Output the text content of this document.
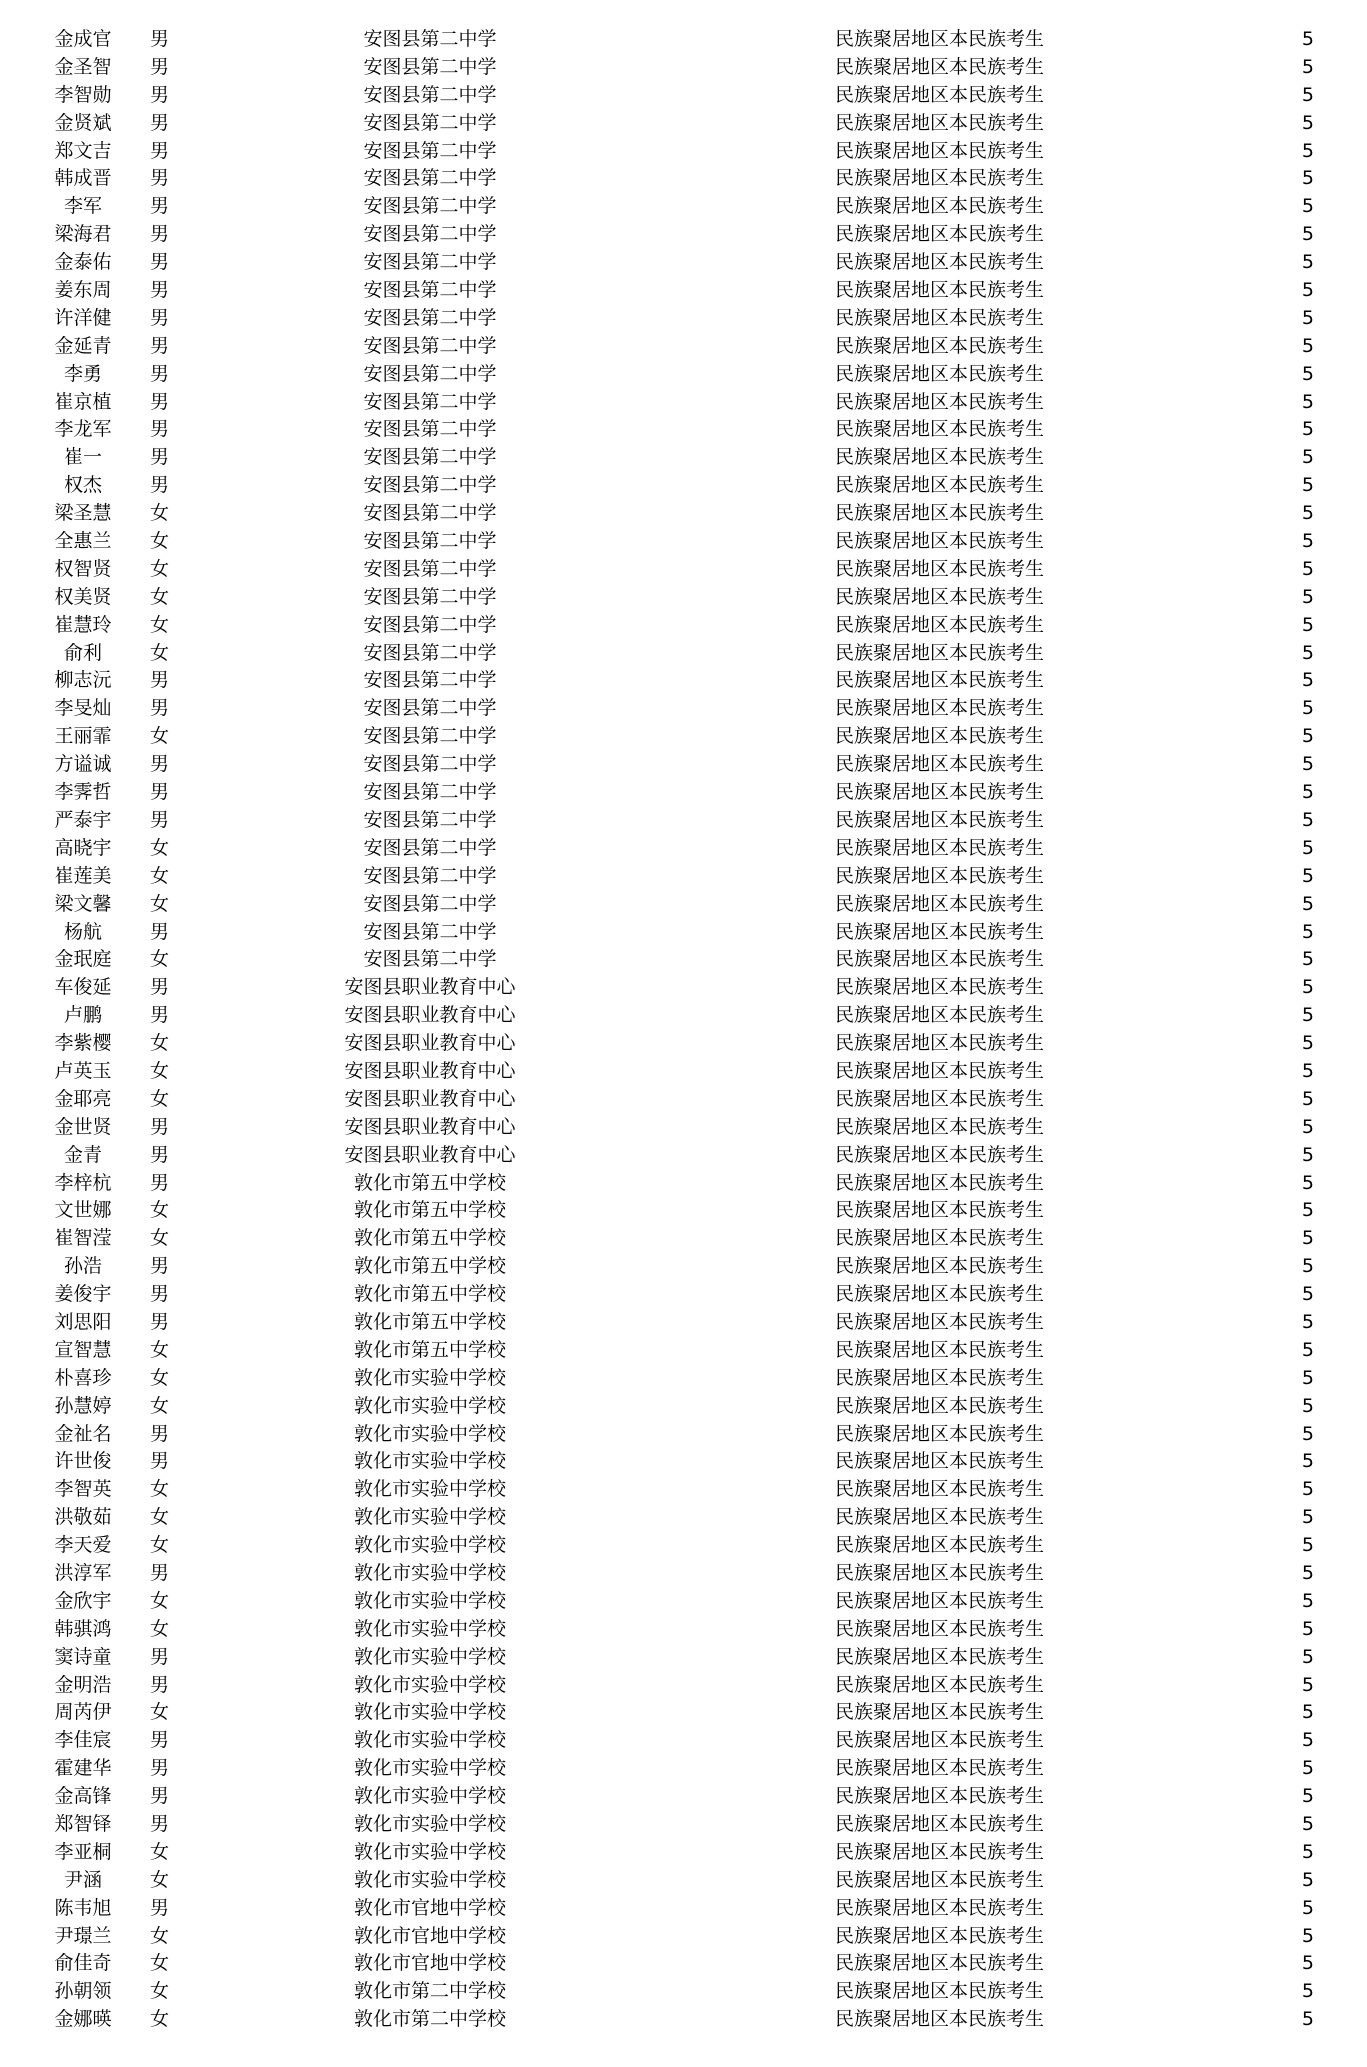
金成官	男	安图县第二中学	民族聚居地区本民族考生	5
金圣智	男	安图县第二中学	民族聚居地区本民族考生	5
李智勋	男	安图县第二中学	民族聚居地区本民族考生	5
金贤斌	男	安图县第二中学	民族聚居地区本民族考生	5
郑文吉	男	安图县第二中学	民族聚居地区本民族考生	5
韩成晋	男	安图县第二中学	民族聚居地区本民族考生	5
李军	男	安图县第二中学	民族聚居地区本民族考生	5
梁海君	男	安图县第二中学	民族聚居地区本民族考生	5
金泰佑	男	安图县第二中学	民族聚居地区本民族考生	5
姜东周	男	安图县第二中学	民族聚居地区本民族考生	5
许洋健	男	安图县第二中学	民族聚居地区本民族考生	5
金延青	男	安图县第二中学	民族聚居地区本民族考生	5
李勇	男	安图县第二中学	民族聚居地区本民族考生	5
崔京植	男	安图县第二中学	民族聚居地区本民族考生	5
李龙军	男	安图县第二中学	民族聚居地区本民族考生	5
崔一	男	安图县第二中学	民族聚居地区本民族考生	5
权杰	男	安图县第二中学	民族聚居地区本民族考生	5
梁圣慧	女	安图县第二中学	民族聚居地区本民族考生	5
全惠兰	女	安图县第二中学	民族聚居地区本民族考生	5
权智贤	女	安图县第二中学	民族聚居地区本民族考生	5
权美贤	女	安图县第二中学	民族聚居地区本民族考生	5
崔慧玲	女	安图县第二中学	民族聚居地区本民族考生	5
俞利	女	安图县第二中学	民族聚居地区本民族考生	5
柳志沅	男	安图县第二中学	民族聚居地区本民族考生	5
李旻灿	男	安图县第二中学	民族聚居地区本民族考生	5
王丽霏	女	安图县第二中学	民族聚居地区本民族考生	5
方谥诚	男	安图县第二中学	民族聚居地区本民族考生	5
李霁哲	男	安图县第二中学	民族聚居地区本民族考生	5
严泰宇	男	安图县第二中学	民族聚居地区本民族考生	5
高晓宇	女	安图县第二中学	民族聚居地区本民族考生	5
崔莲美	女	安图县第二中学	民族聚居地区本民族考生	5
梁文馨	女	安图县第二中学	民族聚居地区本民族考生	5
杨航	男	安图县第二中学	民族聚居地区本民族考生	5
金珉庭	女	安图县第二中学	民族聚居地区本民族考生	5
车俊延	男	安图县职业教育中心	民族聚居地区本民族考生	5
卢鹏	男	安图县职业教育中心	民族聚居地区本民族考生	5
李紫樱	女	安图县职业教育中心	民族聚居地区本民族考生	5
卢英玉	女	安图县职业教育中心	民族聚居地区本民族考生	5
金耶亮	女	安图县职业教育中心	民族聚居地区本民族考生	5
金世贤	男	安图县职业教育中心	民族聚居地区本民族考生	5
金青	男	安图县职业教育中心	民族聚居地区本民族考生	5
李梓杭	男	敦化市第五中学校	民族聚居地区本民族考生	5
文世娜	女	敦化市第五中学校	民族聚居地区本民族考生	5
崔智滢	女	敦化市第五中学校	民族聚居地区本民族考生	5
孙浩	男	敦化市第五中学校	民族聚居地区本民族考生	5
姜俊宇	男	敦化市第五中学校	民族聚居地区本民族考生	5
刘思阳	男	敦化市第五中学校	民族聚居地区本民族考生	5
宣智慧	女	敦化市第五中学校	民族聚居地区本民族考生	5
朴喜珍	女	敦化市实验中学校	民族聚居地区本民族考生	5
孙慧婷	女	敦化市实验中学校	民族聚居地区本民族考生	5
金祉名	男	敦化市实验中学校	民族聚居地区本民族考生	5
许世俊	男	敦化市实验中学校	民族聚居地区本民族考生	5
李智英	女	敦化市实验中学校	民族聚居地区本民族考生	5
洪敬茹	女	敦化市实验中学校	民族聚居地区本民族考生	5
李天爱	女	敦化市实验中学校	民族聚居地区本民族考生	5
洪淳军	男	敦化市实验中学校	民族聚居地区本民族考生	5
金欣宇	女	敦化市实验中学校	民族聚居地区本民族考生	5
韩骐鸿	女	敦化市实验中学校	民族聚居地区本民族考生	5
窦诗童	男	敦化市实验中学校	民族聚居地区本民族考生	5
金明浩	男	敦化市实验中学校	民族聚居地区本民族考生	5
周芮伊	女	敦化市实验中学校	民族聚居地区本民族考生	5
李佳宸	男	敦化市实验中学校	民族聚居地区本民族考生	5
霍建华	男	敦化市实验中学校	民族聚居地区本民族考生	5
金高锋	男	敦化市实验中学校	民族聚居地区本民族考生	5
郑智铎	男	敦化市实验中学校	民族聚居地区本民族考生	5
李亚桐	女	敦化市实验中学校	民族聚居地区本民族考生	5
尹涵	女	敦化市实验中学校	民族聚居地区本民族考生	5
陈韦旭	男	敦化市官地中学校	民族聚居地区本民族考生	5
尹璟兰	女	敦化市官地中学校	民族聚居地区本民族考生	5
俞佳奇	女	敦化市官地中学校	民族聚居地区本民族考生	5
孙朝领	女	敦化市第二中学校	民族聚居地区本民族考生	5
金娜暎	女	敦化市第二中学校	民族聚居地区本民族考生	5
